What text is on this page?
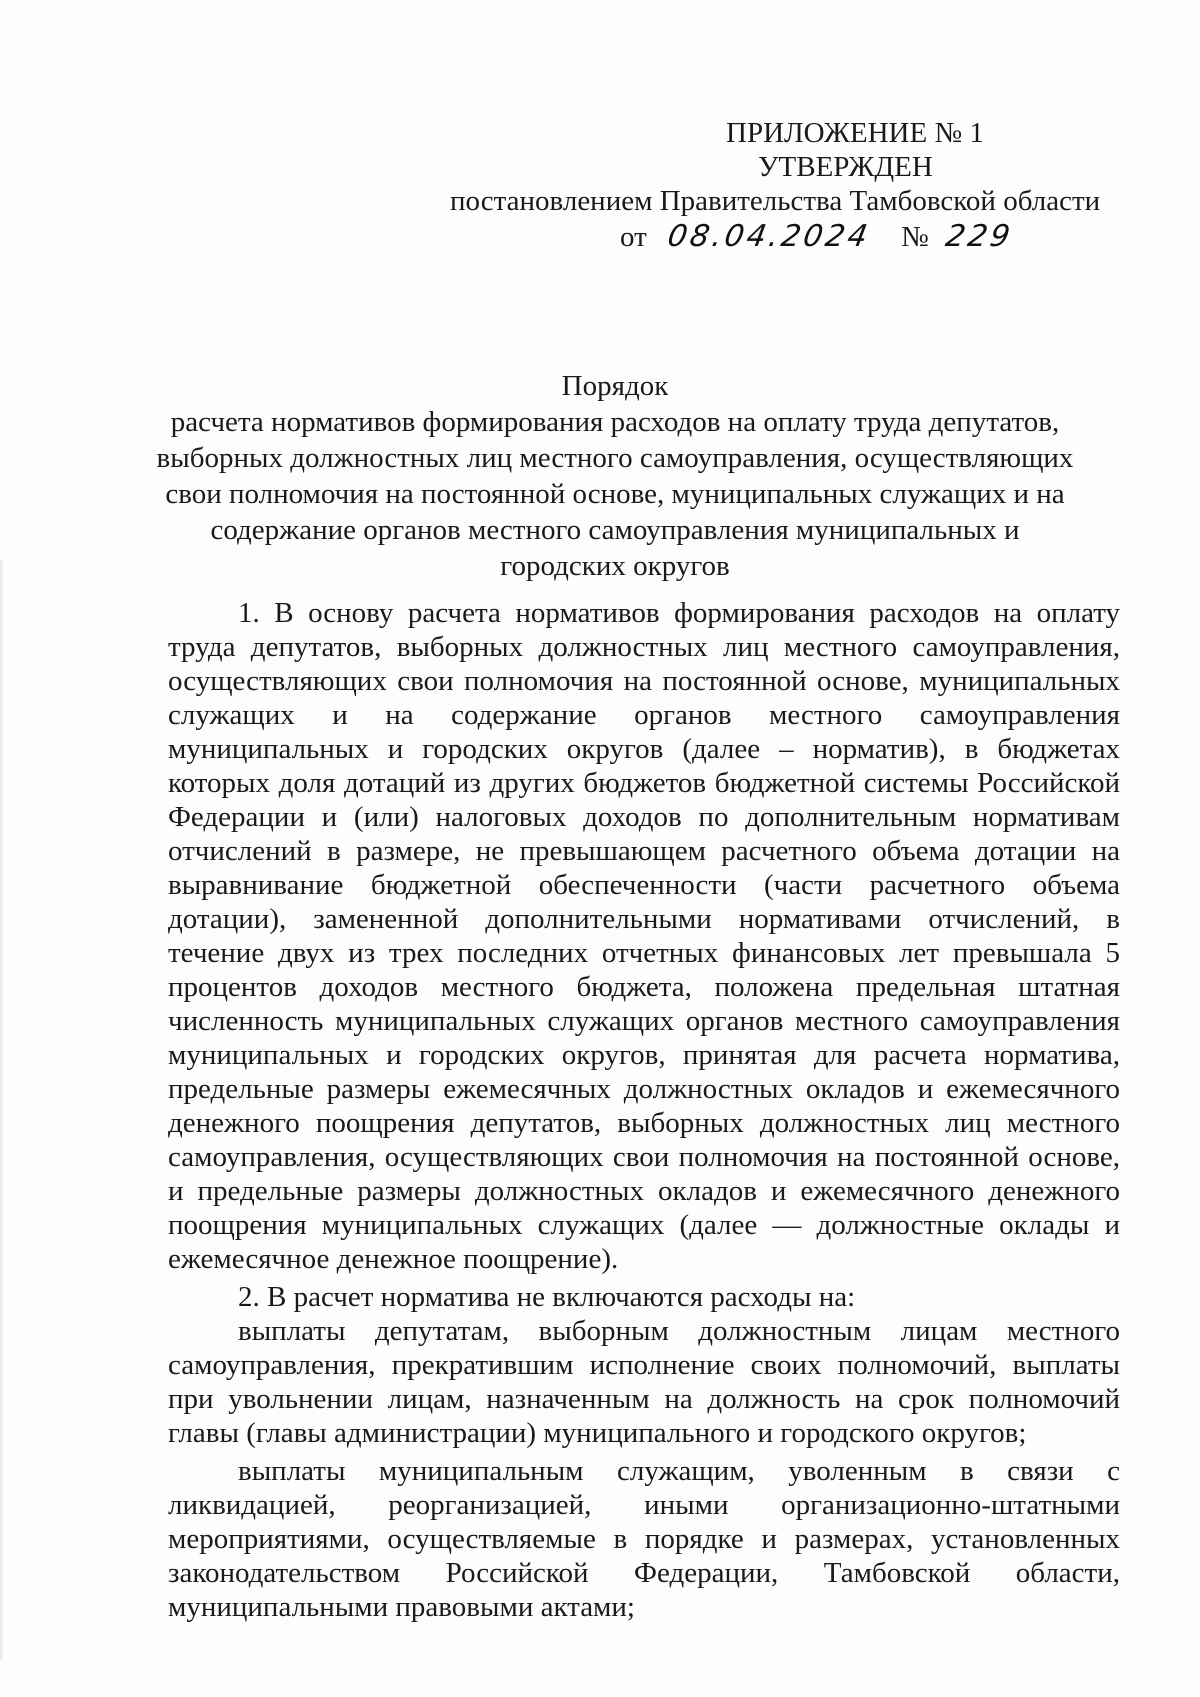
ПРИЛОЖЕНИЕ № 1
УТВЕРЖДЕН
постановлением Правительства Тамбовской области
от 08.04.2024 № 229
Порядок
расчета нормативов формирования расходов на оплату труда депутатов, выборных должностных лиц местного самоуправления, осуществляющих свои полномочия на постоянной основе, муниципальных служащих и на содержание органов местного самоуправления муниципальных и городских округов

1. В основу расчета нормативов формирования расходов на оплату труда депутатов, выборных должностных лиц местного самоуправления, осуществляющих свои полномочия на постоянной основе, муниципальных служащих и на содержание органов местного самоуправления муниципальных и городских округов (далее – норматив), в бюджетах которых доля дотаций из других бюджетов бюджетной системы Российской Федерации и (или) налоговых доходов по дополнительным нормативам отчислений в размере, не превышающем расчетного объема дотации на выравнивание бюджетной обеспеченности (части расчетного объема дотации), замененной дополнительными нормативами отчислений, в течение двух из трех последних отчетных финансовых лет превышала 5 процентов доходов местного бюджета, положена предельная штатная численность муниципальных служащих органов местного самоуправления муниципальных и городских округов, принятая для расчета норматива, предельные размеры ежемесячных должностных окладов и ежемесячного денежного поощрения депутатов, выборных должностных лиц местного самоуправления, осуществляющих свои полномочия на постоянной основе, и предельные размеры должностных окладов и ежемесячного денежного поощрения муниципальных служащих (далее — должностные оклады и ежемесячное денежное поощрение).

2. В расчет норматива не включаются расходы на:

выплаты депутатам, выборным должностным лицам местного самоуправления, прекратившим исполнение своих полномочий, выплаты при увольнении лицам, назначенным на должность на срок полномочий главы (главы администрации) муниципального и городского округов;

выплаты муниципальным служащим, уволенным в связи с ликвидацией, реорганизацией, иными организационно-штатными мероприятиями, осуществляемые в порядке и размерах, установленных законодательством Российской Федерации, Тамбовской области, муниципальными правовыми актами;
